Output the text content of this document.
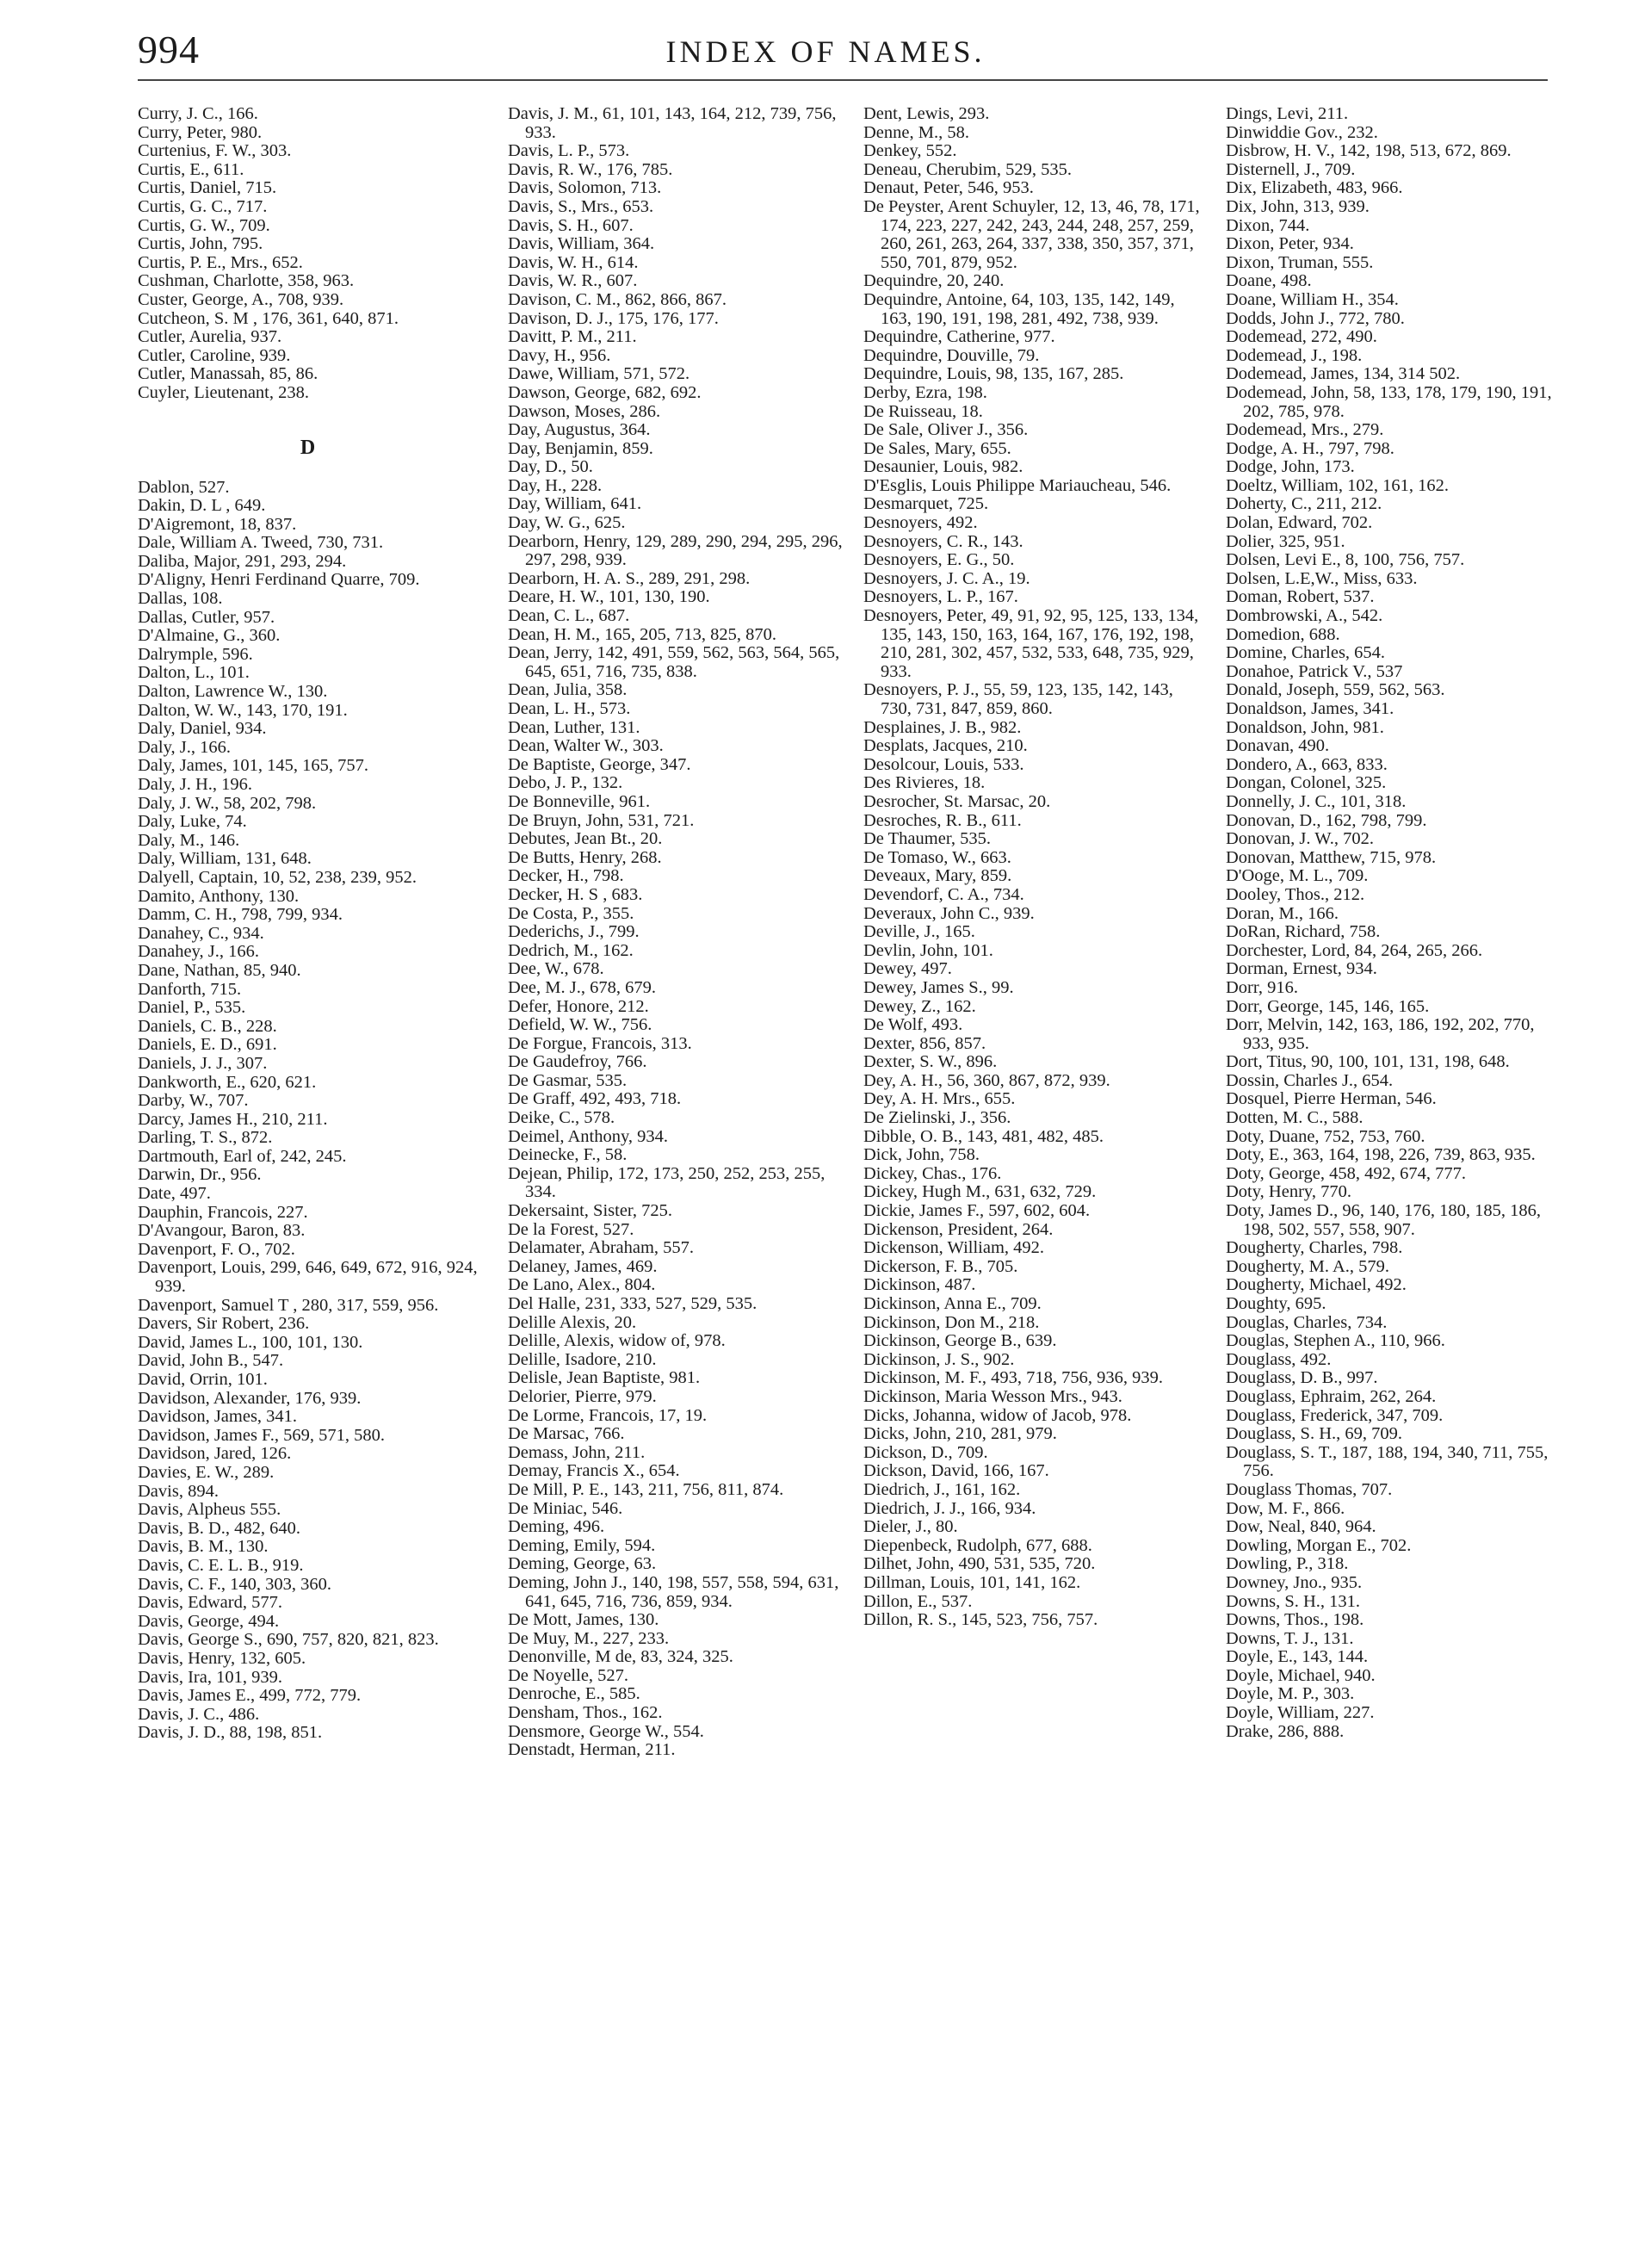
994	INDEX OF NAMES.

Curry, J. C., 166.

Curry, Peter, 980.

Curtenius, F. W., 303.

Curtis, E., 611.

Curtis, Daniel, 715.

Curtis, G. C., 717.

Curtis, G. W., 709.

Curtis, John, 795.

Curtis, P. E., Mrs., 652.

Cushman, Charlotte, 358, 963.

Custer, George, A., 708, 939.

Cutcheon, S. M , 176, 361, 640, 871.

Cutler, Aurelia, 937.

Cutler, Caroline, 939.

Cutler, Manassah, 85, 86.

Cuyler, Lieutenant, 238.

D

Dablon, 527.

Dakin, D. L , 649.

D'Aigremont, 18, 837.

Dale, William A. Tweed, 730, 731.

Daliba, Major, 291, 293, 294.

D'Aligny, Henri Ferdinand Quarre, 709.

Dallas, 108.

Dallas, Cutler, 957.

D'Almaine, G., 360.

Dalrymple, 596.

Dalton, L., 101.

Dalton, Lawrence W., 130.

Dalton, W. W., 143, 170, 191.

Daly, Daniel, 934.

Daly, J., 166.

Daly, James, 101, 145, 165, 757.

Daly, J. H., 196.

Daly, J. W., 58, 202, 798.

Daly, Luke, 74.

Daly, M., 146.

Daly, William, 131, 648.

Dalyell, Captain, 10, 52, 238, 239, 952.

Damito, Anthony, 130.

Damm, C. H., 798, 799, 934.

Danahey, C., 934.

Danahey, J., 166.

Dane, Nathan, 85, 940.

Danforth, 715.

Daniel, P., 535.

Daniels, C. B., 228.

Daniels, E. D., 691.

Daniels, J. J., 307.

Dankworth, E., 620, 621.

Darby, W., 707.

Darcy, James H., 210, 211.

Darling, T. S., 872.

Dartmouth, Earl of, 242, 245.

Darwin, Dr., 956.

Date, 497.

Dauphin, Francois, 227.

D'Avangour, Baron, 83.

Davenport, F. O., 702.

Davenport, Louis, 299, 646, 649, 672, 916, 924, 939.

Davenport, Samuel T , 280, 317, 559, 956.

Davers, Sir Robert, 236.

David, James L., 100, 101, 130.

David, John B., 547.

David, Orrin, 101.

Davidson, Alexander, 176, 939.

Davidson, James, 341.

Davidson, James F., 569, 571, 580.

Davidson, Jared, 126.

Davies, E. W., 289.

Davis, 894.

Davis, Alpheus 555.

Davis, B. D., 482, 640.

Davis, B. M., 130.

Davis, C. E. L. B., 919.

Davis, C. F., 140, 303, 360.

Davis, Edward, 577.

Davis, George, 494.

Davis, George S., 690, 757, 820, 821, 823.

Davis, Henry, 132, 605.

Davis, Ira, 101, 939.

Davis, James E., 499, 772, 779.

Davis, J. C., 486.

Davis, J. D., 88, 198, 851.

Davis, J. M., 61, 101, 143, 164, 212, 739, 756, 933.

Davis, L. P., 573.

Davis, R. W., 176, 785.

Davis, Solomon, 713.

Davis, S., Mrs., 653.

Davis, S. H., 607.

Davis, William, 364.

Davis, W. H., 614.

Davis, W. R., 607.

Davison, C. M., 862, 866, 867.

Davison, D. J., 175, 176, 177.

Davitt, P. M., 211.

Davy, H., 956.

Dawe, William, 571, 572.

Dawson, George, 682, 692.

Dawson, Moses, 286.

Day, Augustus, 364.

Day, Benjamin, 859.

Day, D., 50.

Day, H., 228.

Day, William, 641.

Day, W. G., 625.

Dearborn, Henry, 129, 289, 290, 294, 295, 296, 297, 298, 939.

Dearborn, H. A. S., 289, 291, 298.

Deare, H. W., 101, 130, 190.

Dean, C. L., 687.

Dean, H. M., 165, 205, 713, 825, 870.

Dean, Jerry, 142, 491, 559, 562, 563, 564, 565, 645, 651, 716, 735, 838.

Dean, Julia, 358.

Dean, L. H., 573.

Dean, Luther, 131.

Dean, Walter W., 303.

De Baptiste, George, 347.

Debo, J. P., 132.

De Bonneville, 961.

De Bruyn, John, 531, 721.

Debutes, Jean Bt., 20.

De Butts, Henry, 268.

Decker, H., 798.

Decker, H. S , 683.

De Costa, P., 355.

Dederichs, J., 799.

Dedrich, M., 162.

Dee, W., 678.

Dee, M. J., 678, 679.

Defer, Honore, 212.

Defield, W. W., 756.

De Forgue, Francois, 313.

De Gaudefroy, 766.

De Gasmar, 535.

De Graff, 492, 493, 718.

Deike, C., 578.

Deimel, Anthony, 934.

Deinecke, F., 58.

Dejean, Philip, 172, 173, 250, 252, 253, 255, 334.

Dekersaint, Sister, 725.

De la Forest, 527.

Delamater, Abraham, 557.

Delaney, James, 469.

De Lano, Alex., 804.

Del Halle, 231, 333, 527, 529, 535.

Delille Alexis, 20.

Delille, Alexis, widow of, 978.

Delille, Isadore, 210.

Delisle, Jean Baptiste, 981.

Delorier, Pierre, 979.

De Lorme, Francois, 17, 19.

De Marsac, 766.

Demass, John, 211.

Demay, Francis X., 654.

De Mill, P. E., 143, 211, 756, 811, 874.

De Miniac, 546.

Deming, 496.

Deming, Emily, 594.

Deming, George, 63.

Deming, John J., 140, 198, 557, 558, 594, 631, 641, 645, 716, 736, 859, 934.

De Mott, James, 130.

De Muy, M., 227, 233.

Denonville, M de, 83, 324, 325.

De Noyelle, 527.

Denroche, E., 585.

Densham, Thos., 162.

Densmore, George W., 554.

Denstadt, Herman, 211.

Dent, Lewis, 293.

Denne, M., 58.

Denkey, 552.

Deneau, Cherubim, 529, 535.

Denaut, Peter, 546, 953.

De Peyster, Arent Schuyler, 12, 13, 46, 78, 171, 174, 223, 227, 242, 243, 244, 248, 257, 259, 260, 261, 263, 264, 337, 338, 350, 357, 371, 550, 701, 879, 952.

Dequindre, 20, 240.

Dequindre, Antoine, 64, 103, 135, 142, 149, 163, 190, 191, 198, 281, 492, 738, 939.

Dequindre, Catherine, 977.

Dequindre, Douville, 79.

Dequindre, Louis, 98, 135, 167, 285.

Derby, Ezra, 198.

De Ruisseau, 18.

De Sale, Oliver J., 356.

De Sales, Mary, 655.

Desaunier, Louis, 982.

D'Esglis, Louis Philippe Mariaucheau, 546.

Desmarquet, 725.

Desnoyers, 492.

Desnoyers, C. R., 143.

Desnoyers, E. G., 50.

Desnoyers, J. C. A., 19.

Desnoyers, L. P., 167.

Desnoyers, Peter, 49, 91, 92, 95, 125, 133, 134, 135, 143, 150, 163, 164, 167, 176, 192, 198, 210, 281, 302, 457, 532, 533, 648, 735, 929, 933.

Desnoyers, P. J., 55, 59, 123, 135, 142, 143, 730, 731, 847, 859, 860.

Desplaines, J. B., 982.

Desplats, Jacques, 210.

Desolcour, Louis, 533.

Des Rivieres, 18.

Desrocher, St. Marsac, 20.

Desroches, R. B., 611.

De Thaumer, 535.

De Tomaso, W., 663.

Deveaux, Mary, 859.

Devendorf, C. A., 734.

Deveraux, John C., 939.

Deville, J., 165.

Devlin, John, 101.

Dewey, 497.

Dewey, James S., 99.

Dewey, Z., 162.

De Wolf, 493.

Dexter, 856, 857.

Dexter, S. W., 896.

Dey, A. H., 56, 360, 867, 872, 939.

Dey, A. H. Mrs., 655.

De Zielinski, J., 356.

Dibble, O. B., 143, 481, 482, 485.

Dick, John, 758.

Dickey, Chas., 176.

Dickey, Hugh M., 631, 632, 729.

Dickie, James F., 597, 602, 604.

Dickenson, President, 264.

Dickenson, William, 492.

Dickerson, F. B., 705.

Dickinson, 487.

Dickinson, Anna E., 709.

Dickinson, Don M., 218.

Dickinson, George B., 639.

Dickinson, J. S., 902.

Dickinson, M. F., 493, 718, 756, 936, 939.

Dickinson, Maria Wesson Mrs., 943.

Dicks, Johanna, widow of Jacob, 978.

Dicks, John, 210, 281, 979.

Dickson, D., 709.

Dickson, David, 166, 167.

Diedrich, J., 161, 162.

Diedrich, J. J., 166, 934.

Dieler, J., 80.

Diepenbeck, Rudolph, 677, 688.

Dilhet, John, 490, 531, 535, 720.

Dillman, Louis, 101, 141, 162.

Dillon, E., 537.

Dillon, R. S., 145, 523, 756, 757.

Dings, Levi, 211.

Dinwiddie Gov., 232.

Disbrow, H. V., 142, 198, 513, 672, 869.

Disternell, J., 709.

Dix, Elizabeth, 483, 966.

Dix, John, 313, 939.

Dixon, 744.

Dixon, Peter, 934.

Dixon, Truman, 555.

Doane, 498.

Doane, William H., 354.

Dodds, John J., 772, 780.

Dodemead, 272, 490.

Dodemead, J., 198.

Dodemead, James, 134, 314 502.

Dodemead, John, 58, 133, 178, 179, 190, 191, 202, 785, 978.

Dodemead, Mrs., 279.

Dodge, A. H., 797, 798.

Dodge, John, 173.

Doeltz, William, 102, 161, 162.

Doherty, C., 211, 212.

Dolan, Edward, 702.

Dolier, 325, 951.

Dolsen, Levi E., 8, 100, 756, 757.

Dolsen, L.E,W., Miss, 633.

Doman, Robert, 537.

Dombrowski, A., 542.

Domedion, 688.

Domine, Charles, 654.

Donahoe, Patrick V., 537

Donald, Joseph, 559, 562, 563.

Donaldson, James, 341.

Donaldson, John, 981.

Donavan, 490.

Dondero, A., 663, 833.

Dongan, Colonel, 325.

Donnelly, J. C., 101, 318.

Donovan, D., 162, 798, 799.

Donovan, J. W., 702.

Donovan, Matthew, 715, 978.

D'Ooge, M. L., 709.

Dooley, Thos., 212.

Doran, M., 166.

DoRan, Richard, 758.

Dorchester, Lord, 84, 264, 265, 266.

Dorman, Ernest, 934.

Dorr, 916.

Dorr, George, 145, 146, 165.

Dorr, Melvin, 142, 163, 186, 192, 202, 770, 933, 935.

Dort, Titus, 90, 100, 101, 131, 198, 648.

Dossin, Charles J., 654.

Dosquel, Pierre Herman, 546.

Dotten, M. C., 588.

Doty, Duane, 752, 753, 760.

Doty, E., 363, 164, 198, 226, 739, 863, 935.

Doty, George, 458, 492, 674, 777.

Doty, Henry, 770.

Doty, James D., 96, 140, 176, 180, 185, 186, 198, 502, 557, 558, 907.

Dougherty, Charles, 798.

Dougherty, M. A., 579.

Dougherty, Michael, 492.

Doughty, 695.

Douglas, Charles, 734.

Douglas, Stephen A., 110, 966.

Douglass, 492.

Douglass, D. B., 997.

Douglass, Ephraim, 262, 264.

Douglass, Frederick, 347, 709.

Douglass, S. H., 69, 709.

Douglass, S. T., 187, 188, 194, 340, 711, 755, 756.

Douglass Thomas, 707.

Dow, M. F., 866.

Dow, Neal, 840, 964.

Dowling, Morgan E., 702.

Dowling, P., 318.

Downey, Jno., 935.

Downs, S. H., 131.

Downs, Thos., 198.

Downs, T. J., 131.

Doyle, E., 143, 144.

Doyle, Michael, 940.

Doyle, M. P., 303.

Doyle, William, 227.

Drake, 286, 888.
